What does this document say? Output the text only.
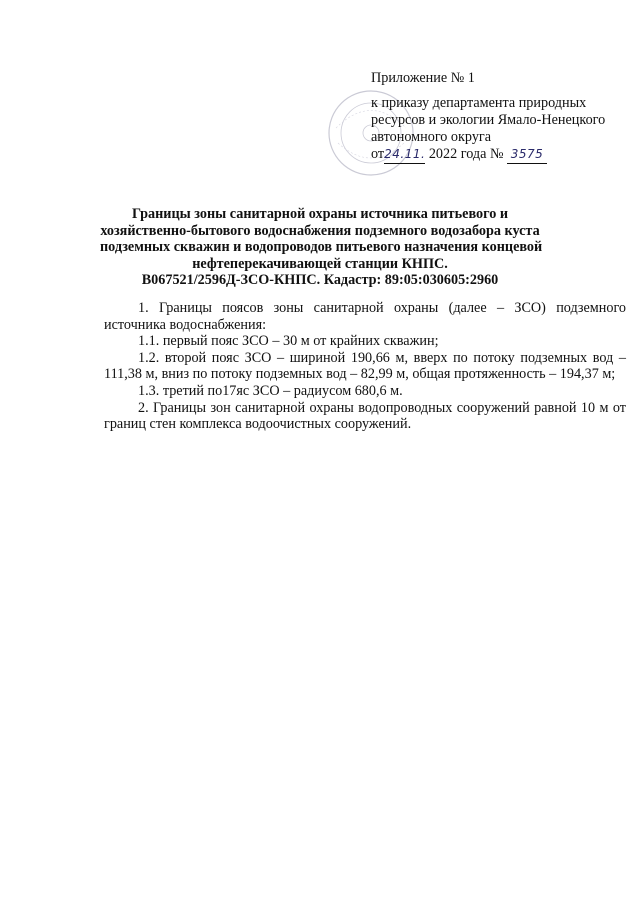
Приложение № 1
к приказу департамента природных
ресурсов и экологии Ямало-Ненецкого
автономного округа
от24.11. 2022 года № 3575
Границы зоны санитарной охраны источника питьевого и
хозяйственно-бытового водоснабжения подземного водозабора куста
подземных скважин и водопроводов питьевого назначения концевой
нефтеперекачивающей станции КНПС.
В067521/2596Д-ЗСО-КНПС. Кадастр: 89:05:030605:2960

1. Границы поясов зоны санитарной охраны (далее – ЗСО) подземного источника водоснабжения:

1.1. первый пояс ЗСО – 30 м от крайних скважин;

1.2. второй пояс ЗСО – шириной 190,66 м, вверх по потоку подземных вод – 111,38 м, вниз по потоку подземных вод – 82,99 м, общая протяженность – 194,37 м;

1.3. третий по17яс ЗСО – радиусом 680,6 м.

2. Границы зон санитарной охраны водопроводных сооружений равной 10 м от границ стен комплекса водоочистных сооружений.
